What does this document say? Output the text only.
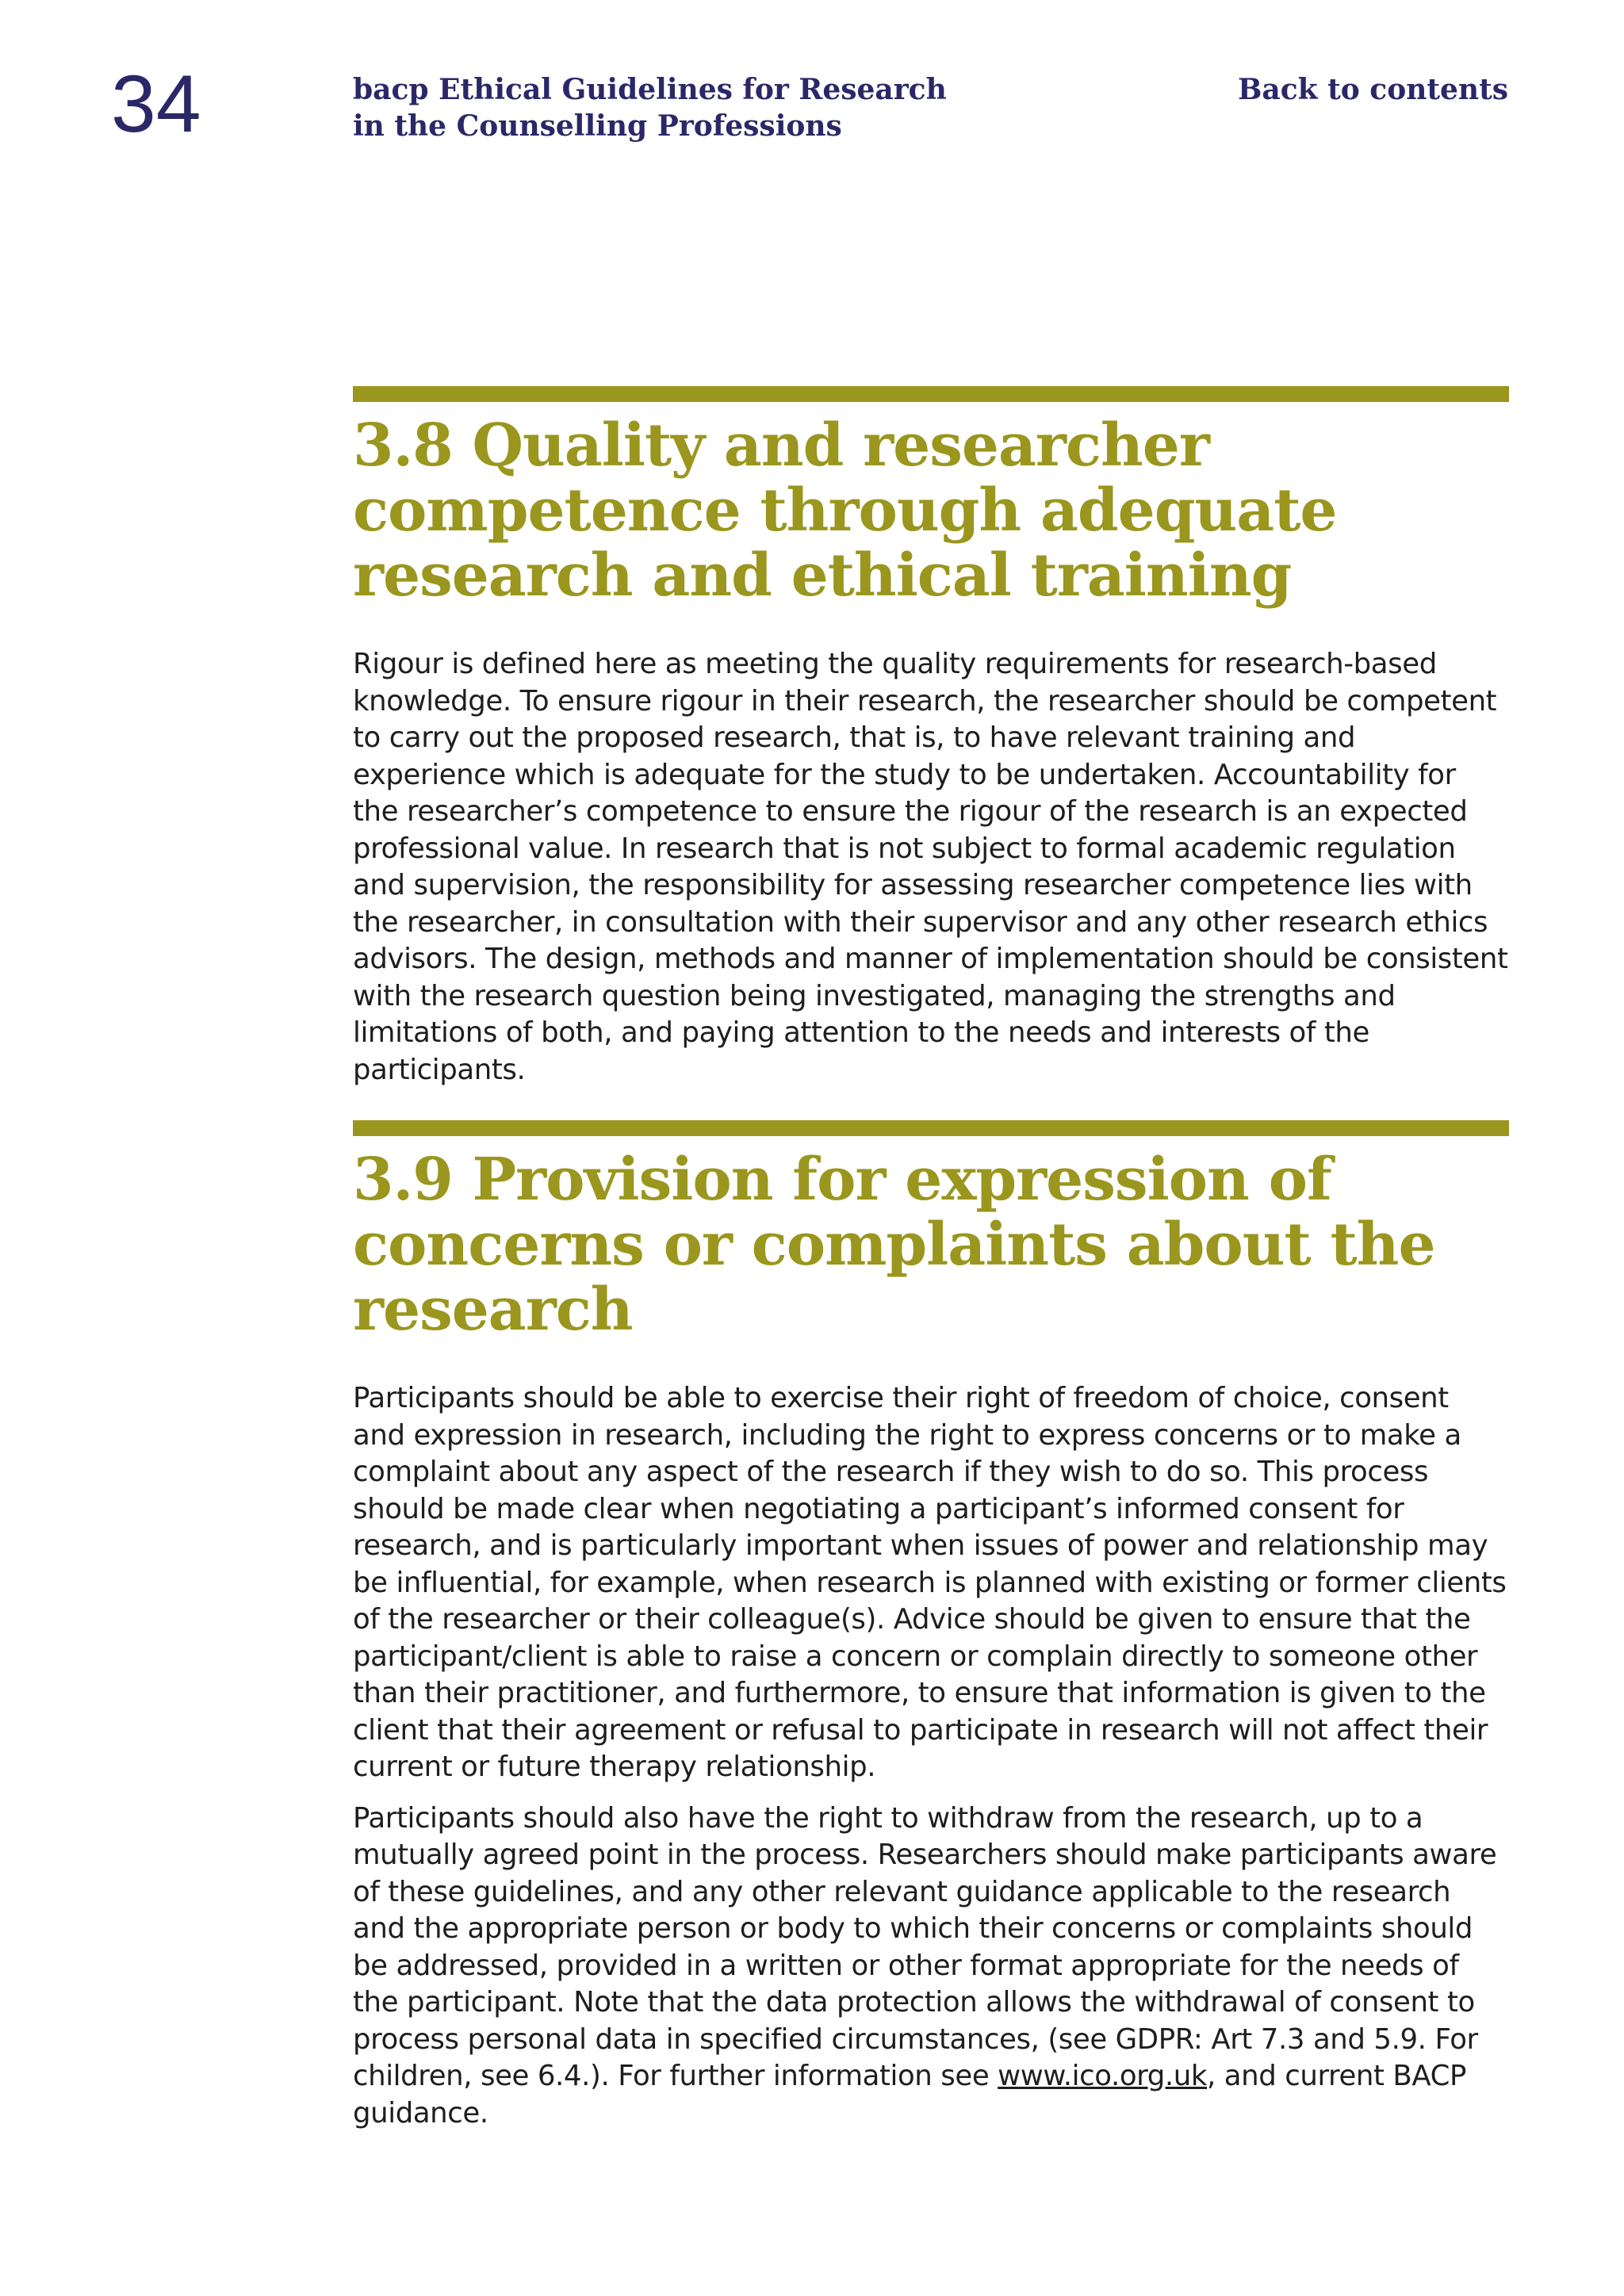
34	bacp Ethical Guidelines for Research
in the Counselling Professions
Back to contents
3.8 Quality and researcher competence through adequate research and ethical training

Rigour is defined here as meeting the quality requirements for research-based knowledge. To ensure rigour in their research, the researcher should be competent to carry out the proposed research, that is, to have relevant training and experience which is adequate for the study to be undertaken. Accountability for the researcher’s competence to ensure the rigour of the research is an expected professional value. In research that is not subject to formal academic regulation and supervision, the responsibility for assessing researcher competence lies with the researcher, in consultation with their supervisor and any other research ethics advisors. The design, methods and manner of implementation should be consistent with the research question being investigated, managing the strengths and limitations of both, and paying attention to the needs and interests of the participants.

3.9 Provision for expression of concerns or complaints about the research

Participants should be able to exercise their right of freedom of choice, consent and expression in research, including the right to express concerns or to make a complaint about any aspect of the research if they wish to do so. This process should be made clear when negotiating a participant’s informed consent for research, and is particularly important when issues of power and relationship may be influential, for example, when research is planned with existing or former clients of the researcher or their colleague(s). Advice should be given to ensure that the participant/client is able to raise a concern or complain directly to someone other than their practitioner, and furthermore, to ensure that information is given to the client that their agreement or refusal to participate in research will not affect their current or future therapy relationship.

Participants should also have the right to withdraw from the research, up to a mutually agreed point in the process. Researchers should make participants aware of these guidelines, and any other relevant guidance applicable to the research and the appropriate person or body to which their concerns or complaints should be addressed, provided in a written or other format appropriate for the needs of the participant. Note that the data protection allows the withdrawal of consent to process personal data in specified circumstances, (see GDPR: Art 7.3 and 5.9. For children, see 6.4.). For further information see www.ico.org.uk, and current BACP guidance.
